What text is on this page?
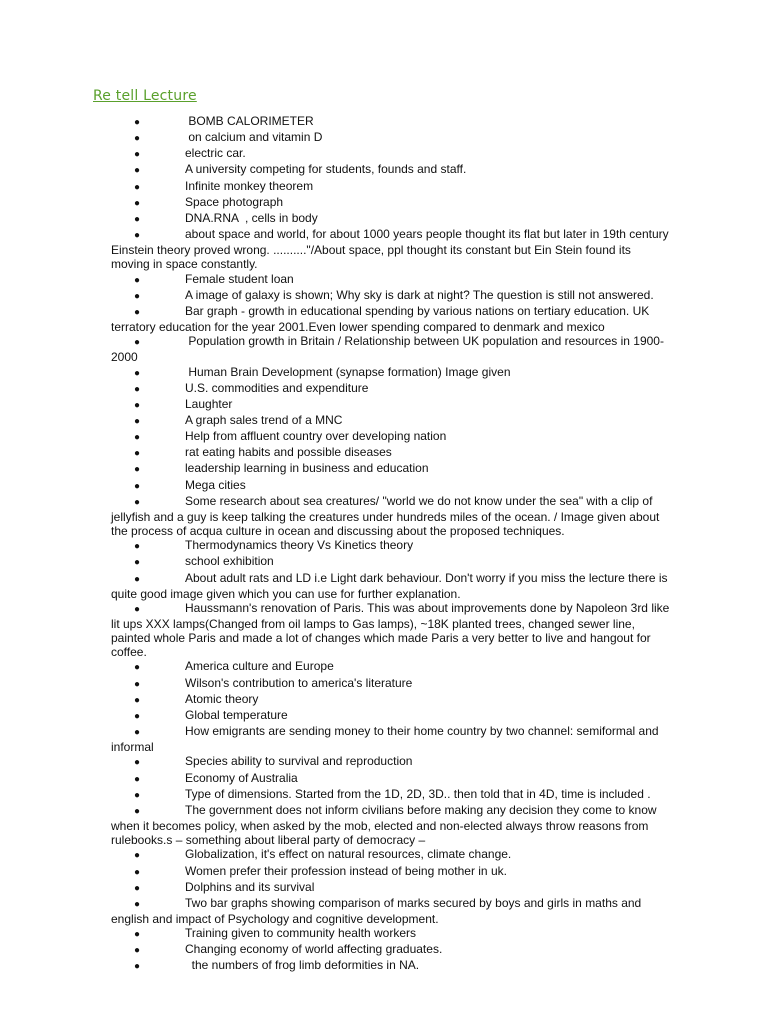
Re tell Lecture
●	BOMB CALORIMETER
●	on calcium and vitamin D
●	electric car.
●	A university competing for students, founds and staff.
●	Infinite monkey theorem
●	Space photograph
●	DNA.RNA  , cells in body
●	about space and world, for about 1000 years people thought its flat but later in 19th century Einstein theory proved wrong. .........."/About space, ppl thought its constant but Ein Stein found its moving in space constantly.
●	Female student loan
●	A image of galaxy is shown; Why sky is dark at night? The question is still not answered.
●	Bar graph - growth in educational spending by various nations on tertiary education. UK terratory education for the year 2001.Even lower spending compared to denmark and mexico
●	Population growth in Britain / Relationship between UK population and resources in 1900-2000
●	Human Brain Development (synapse formation) Image given
●	U.S. commodities and expenditure
●	Laughter
●	A graph sales trend of a MNC
●	Help from affluent country over developing nation
●	rat eating habits and possible diseases
●	leadership learning in business and education
●	Mega cities
●	Some research about sea creatures/ "world we do not know under the sea" with a clip of jellyfish and a guy is keep talking the creatures under hundreds miles of the ocean. / Image given about the process of acqua culture in ocean and discussing about the proposed techniques.
●	Thermodynamics theory Vs Kinetics theory
●	school exhibition
●	About adult rats and LD i.e Light dark behaviour. Don't worry if you miss the lecture there is quite good image given which you can use for further explanation.
●	Haussmann's renovation of Paris. This was about improvements done by Napoleon 3rd like lit ups XXX lamps(Changed from oil lamps to Gas lamps), ~18K planted trees, changed sewer line, painted whole Paris and made a lot of changes which made Paris a very better to live and hangout for coffee.
●	America culture and Europe
●	Wilson's contribution to america's literature
●	Atomic theory
●	Global temperature
●	How emigrants are sending money to their home country by two channel: semiformal and informal
●	Species ability to survival and reproduction
●	Economy of Australia
●	Type of dimensions. Started from the 1D, 2D, 3D.. then told that in 4D, time is included .
●	The government does not inform civilians before making any decision they come to know when it becomes policy, when asked by the mob, elected and non-elected always throw reasons from rulebooks.s – something about liberal party of democracy –
●	Globalization, it's effect on natural resources, climate change.
●	Women prefer their profession instead of being mother in uk.
●	Dolphins and its survival
●	Two bar graphs showing comparison of marks secured by boys and girls in maths and english and impact of Psychology and cognitive development.
●	Training given to community health workers
●	Changing economy of world affecting graduates.
●	the numbers of frog limb deformities in NA.
